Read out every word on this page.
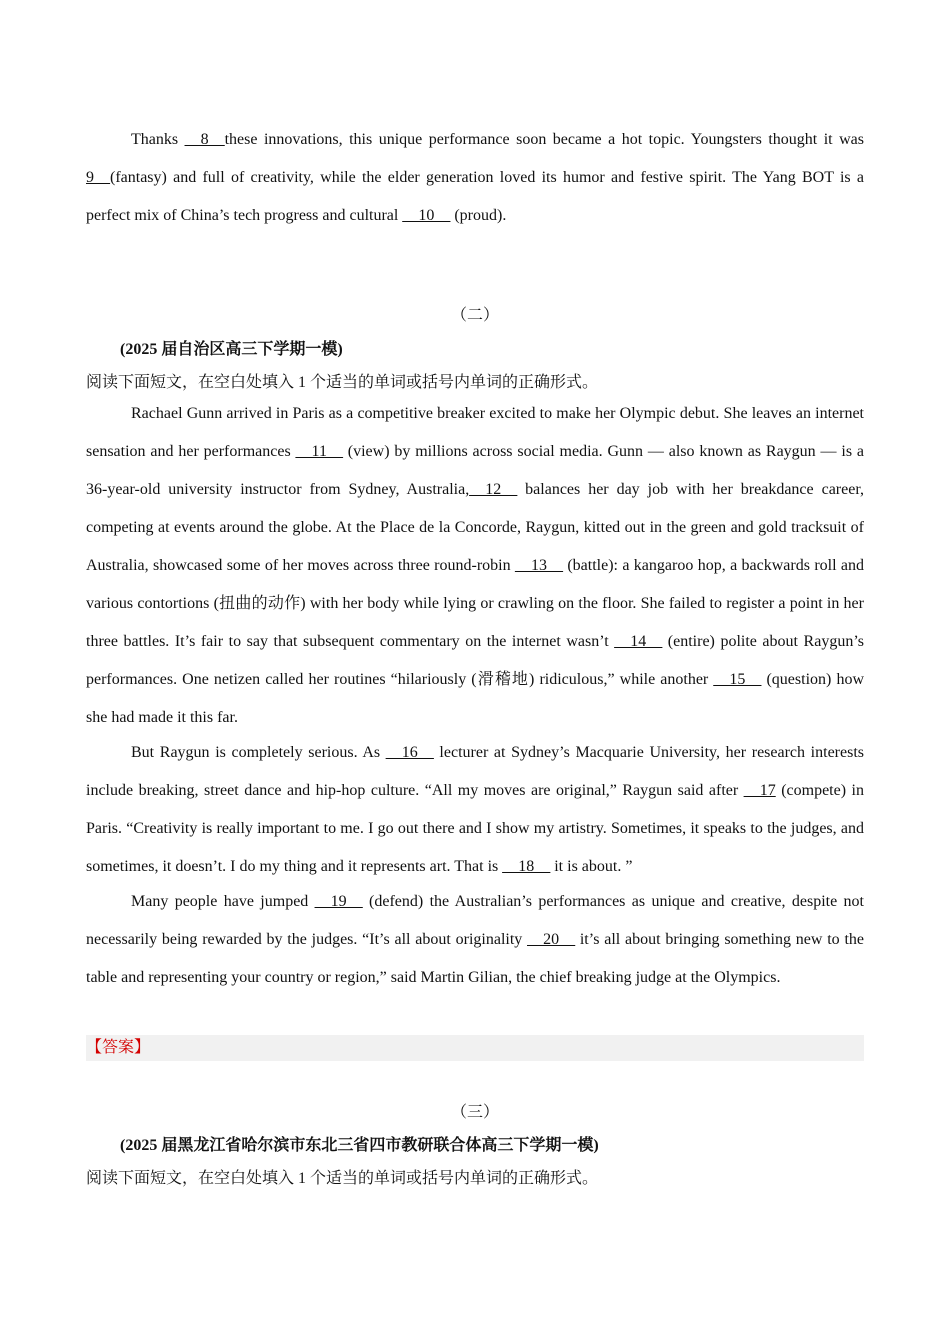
Thanks __8__these innovations, this unique performance soon became a hot topic. Youngsters thought it was 9__(fantasy) and full of creativity, while the elder generation loved its humor and festive spirit. The Yang BOT is a perfect mix of China’s tech progress and cultural __10__ (proud).

（二）
(2025 届自治区高三下学期一模)
阅读下面短文，在空白处填入 1 个适当的单词或括号内单词的正确形式。

Rachael Gunn arrived in Paris as a competitive breaker excited to make her Olympic debut. She leaves an internet sensation and her performances __11__ (view) by millions across social media. Gunn — also known as Raygun — is a 36-year-old university instructor from Sydney, Australia,__12__ balances her day job with her breakdance career, competing at events around the globe. At the Place de la Concorde, Raygun, kitted out in the green and gold tracksuit of Australia, showcased some of her moves across three round-robin __13__ (battle): a kangaroo hop, a backwards roll and various contortions (扭曲的动作) with her body while lying or crawling on the floor. She failed to register a point in her three battles. It’s fair to say that subsequent commentary on the internet wasn’t __14__ (entire) polite about Raygun’s performances. One netizen called her routines “hilariously (滑稽地) ridiculous,” while another __15__ (question) how she had made it this far.

But Raygun is completely serious. As __16__ lecturer at Sydney’s Macquarie University, her research interests include breaking, street dance and hip-hop culture. “All my moves are original,” Raygun said after __17 (compete) in Paris. “Creativity is really important to me. I go out there and I show my artistry. Sometimes, it speaks to the judges, and sometimes, it doesn’t. I do my thing and it represents art. That is __18__ it is about. ”

Many people have jumped __19__ (defend) the Australian’s performances as unique and creative, despite not necessarily being rewarded by the judges. “It’s all about originality __20__ it’s all about bringing something new to the table and representing your country or region,” said Martin Gilian, the chief breaking judge at the Olympics.

【答案】
（三）
(2025 届黑龙江省哈尔滨市东北三省四市教研联合体高三下学期一模)
阅读下面短文，在空白处填入 1 个适当的单词或括号内单词的正确形式。
